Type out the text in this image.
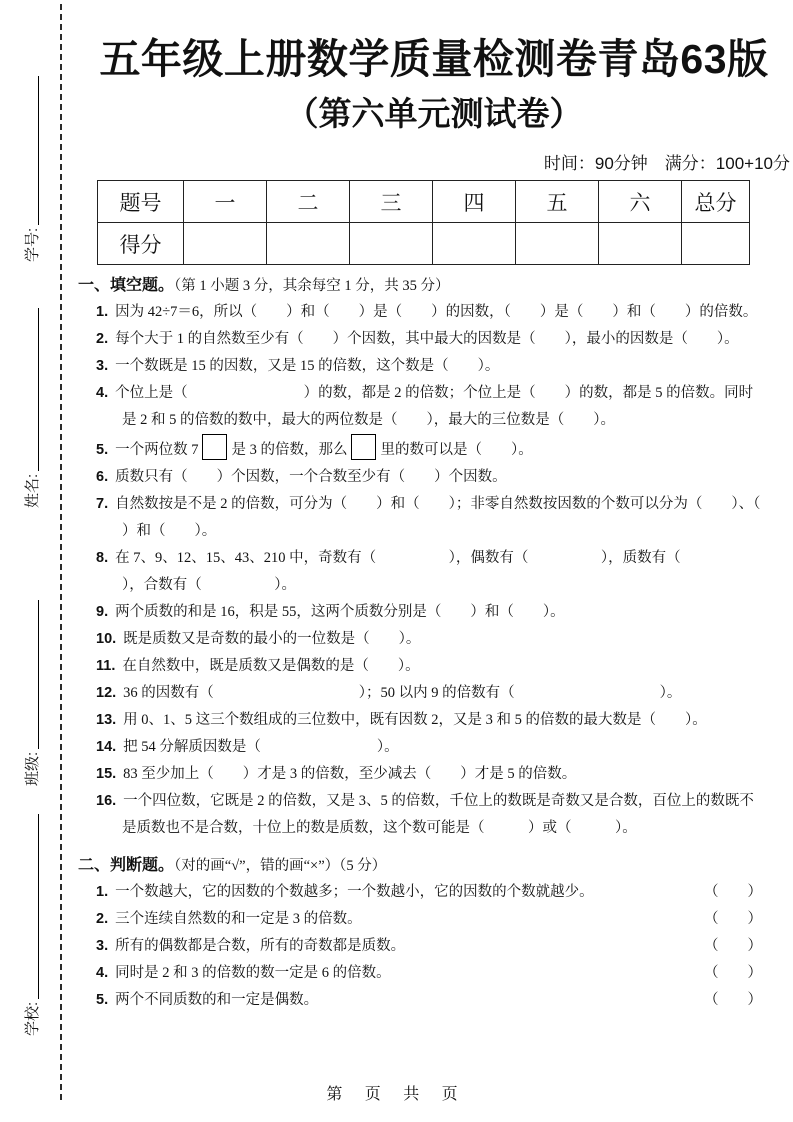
学号:
姓名:
班级:
学校:
五年级上册数学质量检测卷青岛63版
（第六单元测试卷）
时间：90分钟　满分：100+10分
题号	一	二	三	四	五	六	总分
得分							
一、填空题。（第 1 小题 3 分，其余每空 1 分，共 35 分）
1. 因为 42÷7＝6，所以（　　）和（　　）是（　　）的因数，（　　）是（　　）和（　　）的倍数。
2. 每个大于 1 的自然数至少有（　　）个因数，其中最大的因数是（　　），最小的因数是（　　）。
3. 一个数既是 15 的因数，又是 15 的倍数，这个数是（　　）。
4. 个位上是（　　　　　　　　）的数，都是 2 的倍数；个位上是（　　）的数，都是 5 的倍数。同时是 2 和 5 的倍数的数中，最大的两位数是（　　），最大的三位数是（　　）。
5. 一个两位数 7 是 3 的倍数，那么 里的数可以是（　　）。
6. 质数只有（　　）个因数，一个合数至少有（　　）个因数。
7. 自然数按是不是 2 的倍数，可分为（　　）和（　　）；非零自然数按因数的个数可以分为（　　）、（　　）和（　　）。
8. 在 7、9、12、15、43、210 中，奇数有（　　　　　），偶数有（　　　　　），质数有（　　　　　），合数有（　　　　　）。
9. 两个质数的和是 16，积是 55，这两个质数分别是（　　）和（　　）。
10. 既是质数又是奇数的最小的一位数是（　　）。
11. 在自然数中，既是质数又是偶数的是（　　）。
12. 36 的因数有（　　　　　　　　　　）；50 以内 9 的倍数有（　　　　　　　　　　）。
13. 用 0、1、5 这三个数组成的三位数中，既有因数 2，又是 3 和 5 的倍数的最大数是（　　）。
14. 把 54 分解质因数是（　　　　　　　　）。
15. 83 至少加上（　　）才是 3 的倍数，至少减去（　　）才是 5 的倍数。
16. 一个四位数，它既是 2 的倍数，又是 3、5 的倍数，千位上的数既是奇数又是合数，百位上的数既不是质数也不是合数，十位上的数是质数，这个数可能是（　　　）或（　　　）。
二、判断题。（对的画“√”，错的画“×”）（5 分）
（　　）
1. 一个数越大，它的因数的个数越多；一个数越小，它的因数的个数就越少。
（　　）
2. 三个连续自然数的和一定是 3 的倍数。
（　　）
3. 所有的偶数都是合数，所有的奇数都是质数。
（　　）
4. 同时是 2 和 3 的倍数的数一定是 6 的倍数。
（　　）
5. 两个不同质数的和一定是偶数。
第 页 共 页
